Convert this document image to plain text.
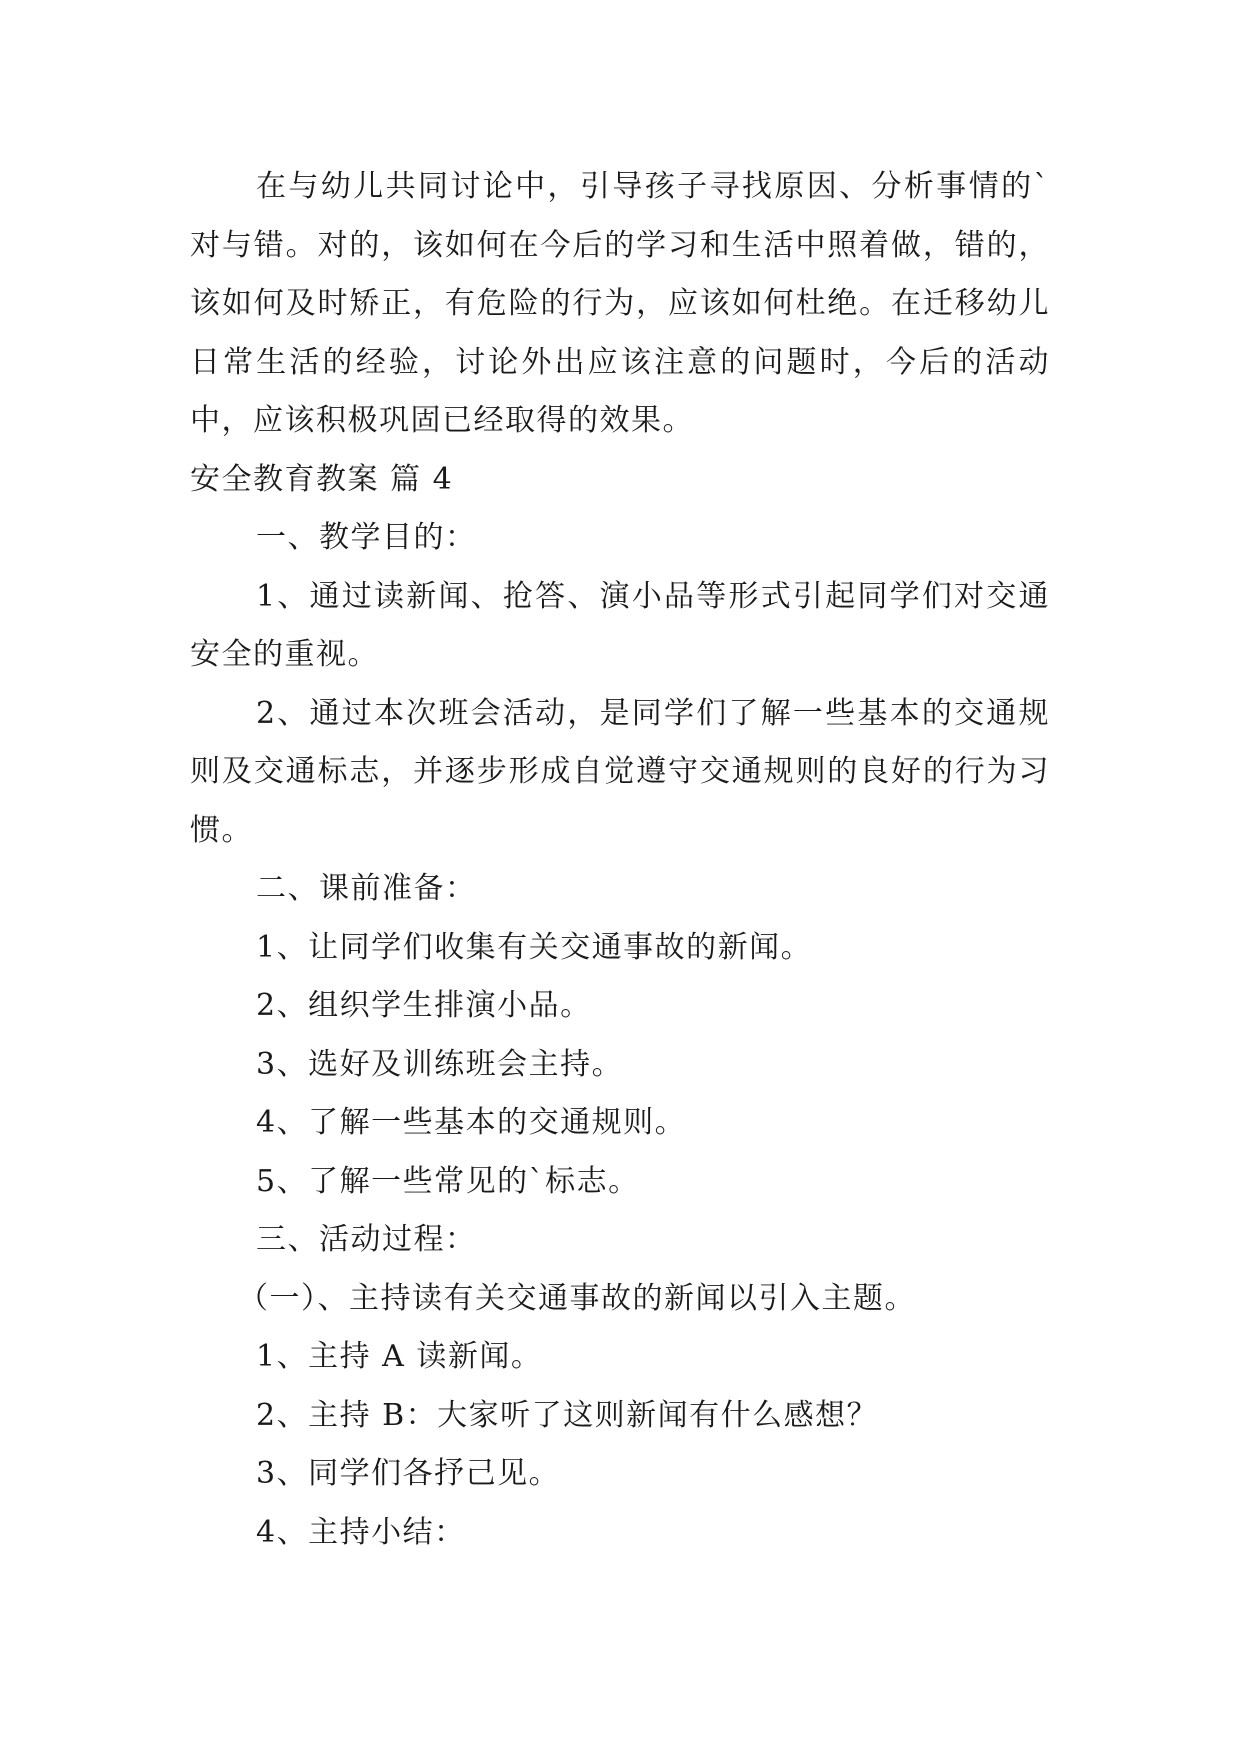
在与幼儿共同讨论中，引导孩子寻找原因、分析事情的`对与错。对的，该如何在今后的学习和生活中照着做，错的，该如何及时矫正，有危险的行为，应该如何杜绝。在迁移幼儿日常生活的经验，讨论外出应该注意的问题时，今后的活动中，应该积极巩固已经取得的效果。

安全教育教案 篇 4

一、教学目的：

1、通过读新闻、抢答、演小品等形式引起同学们对交通安全的重视。

2、通过本次班会活动，是同学们了解一些基本的交通规则及交通标志，并逐步形成自觉遵守交通规则的良好的行为习惯。

二、课前准备：

1、让同学们收集有关交通事故的新闻。

2、组织学生排演小品。

3、选好及训练班会主持。

4、了解一些基本的交通规则。

5、了解一些常见的`标志。

三、活动过程：

（一）、主持读有关交通事故的新闻以引入主题。

1、主持 A 读新闻。

2、主持 B：大家听了这则新闻有什么感想？

3、同学们各抒己见。

4、主持小结：
